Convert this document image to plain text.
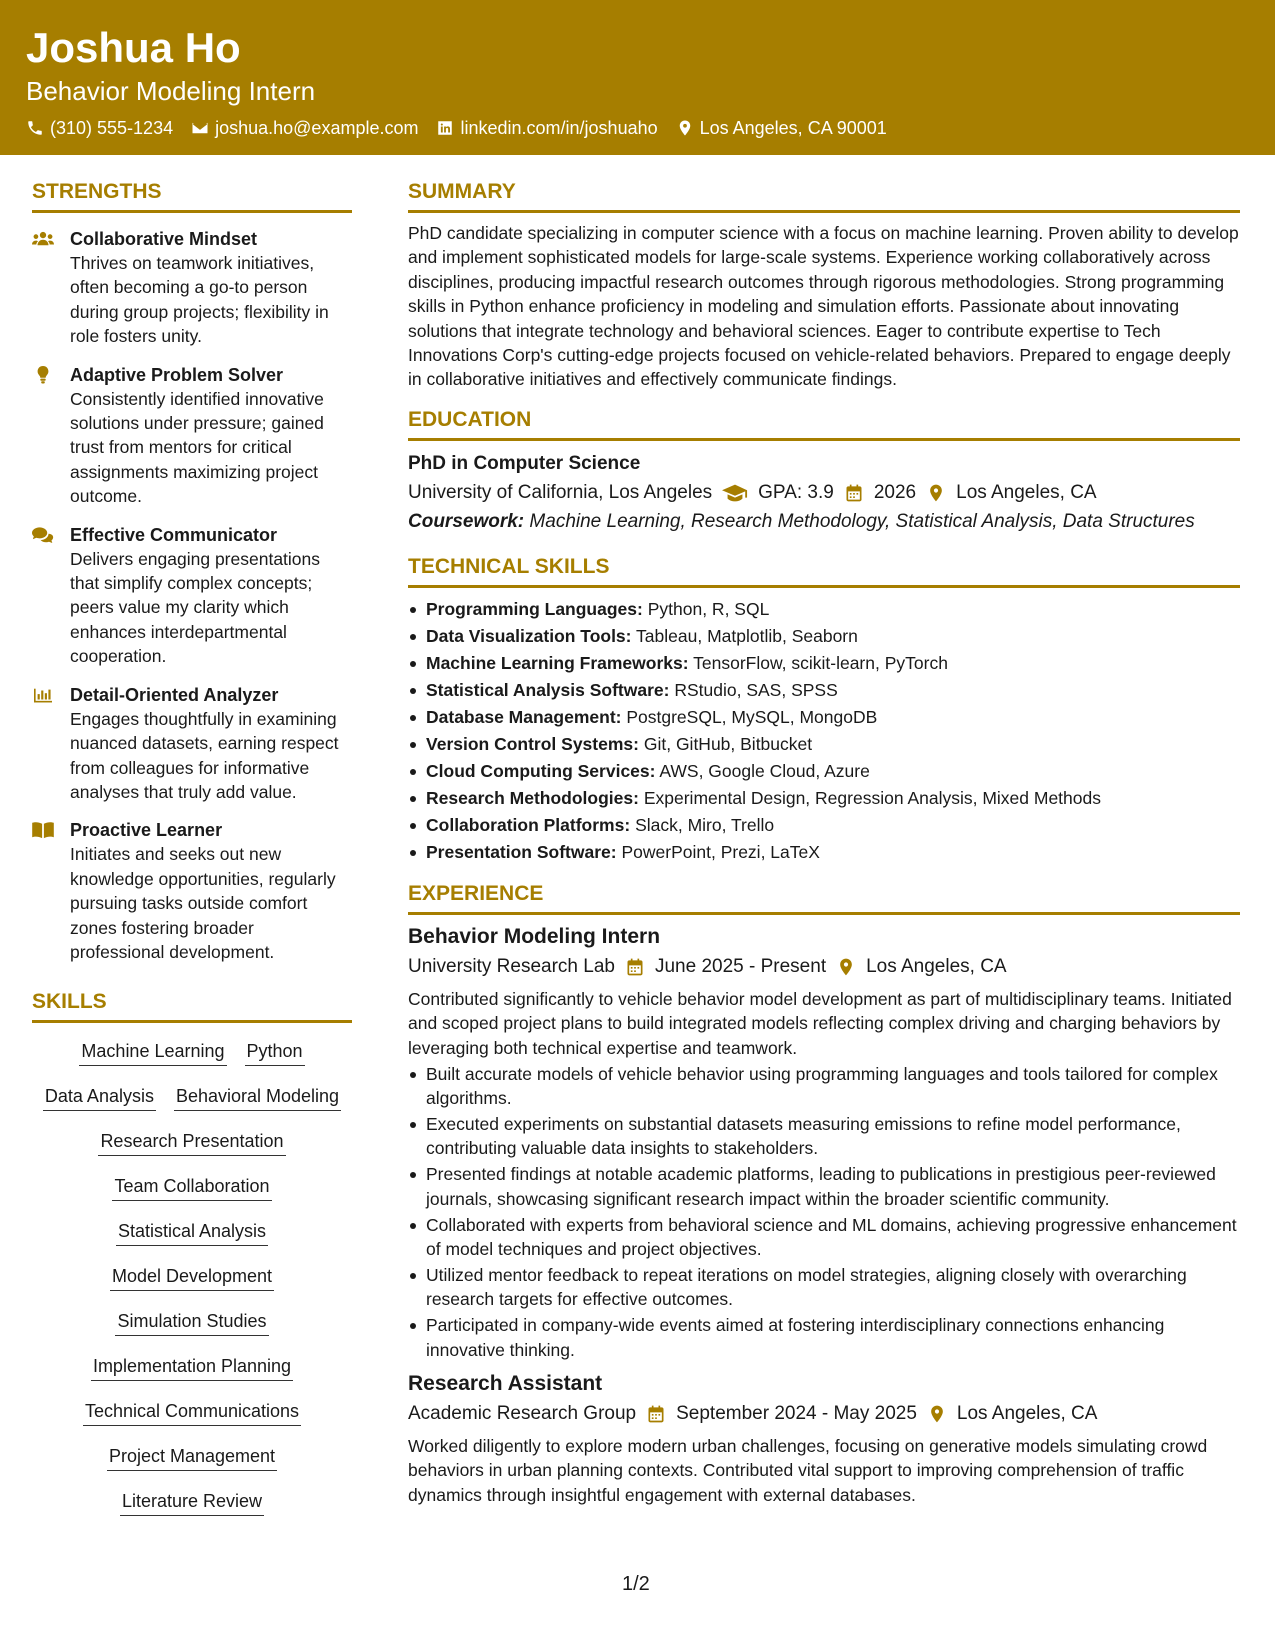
Joshua Ho
Behavior Modeling Intern
(310) 555-1234 joshua.ho@example.com linkedin.com/in/joshuaho Los Angeles, CA 90001
STRENGTHS
Collaborative Mindset
Thrives on teamwork initiatives, often becoming a go-to person during group projects; flexibility in role fosters unity.
Adaptive Problem Solver
Consistently identified innovative solutions under pressure; gained trust from mentors for critical assignments maximizing project outcome.
Effective Communicator
Delivers engaging presentations that simplify complex concepts; peers value my clarity which enhances interdepartmental cooperation.
Detail-Oriented Analyzer
Engages thoughtfully in examining nuanced datasets, earning respect from colleagues for informative analyses that truly add value.
Proactive Learner
Initiates and seeks out new knowledge opportunities, regularly pursuing tasks outside comfort zones fostering broader professional development.
SKILLS
Machine Learning Python
Data Analysis Behavioral Modeling
Research Presentation
Team Collaboration
Statistical Analysis
Model Development
Simulation Studies
Implementation Planning
Technical Communications
Project Management
Literature Review
SUMMARY
PhD candidate specializing in computer science with a focus on machine learning. Proven ability to develop and implement sophisticated models for large-scale systems. Experience working collaboratively across disciplines, producing impactful research outcomes through rigorous methodologies. Strong programming skills in Python enhance proficiency in modeling and simulation efforts. Passionate about innovating solutions that integrate technology and behavioral sciences. Eager to contribute expertise to Tech Innovations Corp's cutting-edge projects focused on vehicle-related behaviors. Prepared to engage deeply in collaborative initiatives and effectively communicate findings.
EDUCATION
PhD in Computer Science
University of California, Los Angeles GPA: 3.9 2026 Los Angeles, CA
Coursework: Machine Learning, Research Methodology, Statistical Analysis, Data Structures
TECHNICAL SKILLS
Programming Languages: Python, R, SQL
Data Visualization Tools: Tableau, Matplotlib, Seaborn
Machine Learning Frameworks: TensorFlow, scikit-learn, PyTorch
Statistical Analysis Software: RStudio, SAS, SPSS
Database Management: PostgreSQL, MySQL, MongoDB
Version Control Systems: Git, GitHub, Bitbucket
Cloud Computing Services: AWS, Google Cloud, Azure
Research Methodologies: Experimental Design, Regression Analysis, Mixed Methods
Collaboration Platforms: Slack, Miro, Trello
Presentation Software: PowerPoint, Prezi, LaTeX
EXPERIENCE
Behavior Modeling Intern
University Research Lab June 2025 - Present Los Angeles, CA
Contributed significantly to vehicle behavior model development as part of multidisciplinary teams. Initiated and scoped project plans to build integrated models reflecting complex driving and charging behaviors by leveraging both technical expertise and teamwork.
Built accurate models of vehicle behavior using programming languages and tools tailored for complex algorithms.
Executed experiments on substantial datasets measuring emissions to refine model performance, contributing valuable data insights to stakeholders.
Presented findings at notable academic platforms, leading to publications in prestigious peer-reviewed journals, showcasing significant research impact within the broader scientific community.
Collaborated with experts from behavioral science and ML domains, achieving progressive enhancement of model techniques and project objectives.
Utilized mentor feedback to repeat iterations on model strategies, aligning closely with overarching research targets for effective outcomes.
Participated in company-wide events aimed at fostering interdisciplinary connections enhancing innovative thinking.
Research Assistant
Academic Research Group September 2024 - May 2025 Los Angeles, CA
Worked diligently to explore modern urban challenges, focusing on generative models simulating crowd behaviors in urban planning contexts. Contributed vital support to improving comprehension of traffic dynamics through insightful engagement with external databases.
1/2
